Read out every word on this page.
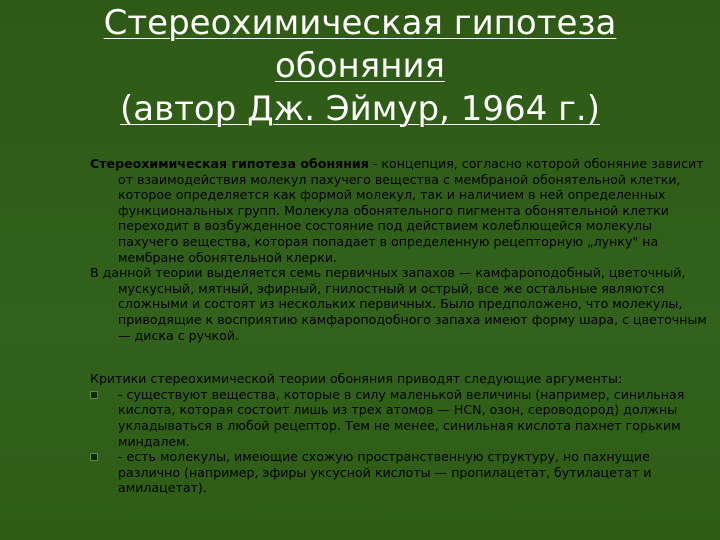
Стереохимическая гипотеза
обоняния
(автор Дж. Эймур, 1964 г.)

Стереохимическая гипотеза обоняния - концепция, согласно которой обоняние зависит от взаимодействия молекул пахучего вещества с мембраной обонятельной клетки, которое определяется как формой молекул, так и наличием в ней определенных функциональных групп. Молекула обонятельного пигмента обонятельной клетки переходит в возбужденное состояние под действием колеблющейся молекулы пахучего вещества, которая попадает в определенную рецепторную „лунку" на мембране обонятельной клерки.

В данной теории выделяется семь первичных запахов — камфароподобный, цветочный, мускусный, мятный, эфирный, гнилостный и острый, все же остальные являются сложными и состоят из нескольких первичных. Было предположено, что молекулы, приводящие к восприятию камфароподобного запаха имеют форму шара, с цветочным — диска с ручкой.

Критики стереохимической теории обоняния приводят следующие аргументы:

- существуют вещества, которые в силу маленькой величины (например, синильная кислота, которая состоит лишь из трех атомов — HCN, озон, сероводород) должны укладываться в любой рецептор. Тем не менее, синильная кислота пахнет горьким миндалем.
- есть молекулы, имеющие схожую пространственную структуру, но пахнущие различно (например, эфиры уксусной кислоты — пропилацетат, бутилацетат и амилацетат).
